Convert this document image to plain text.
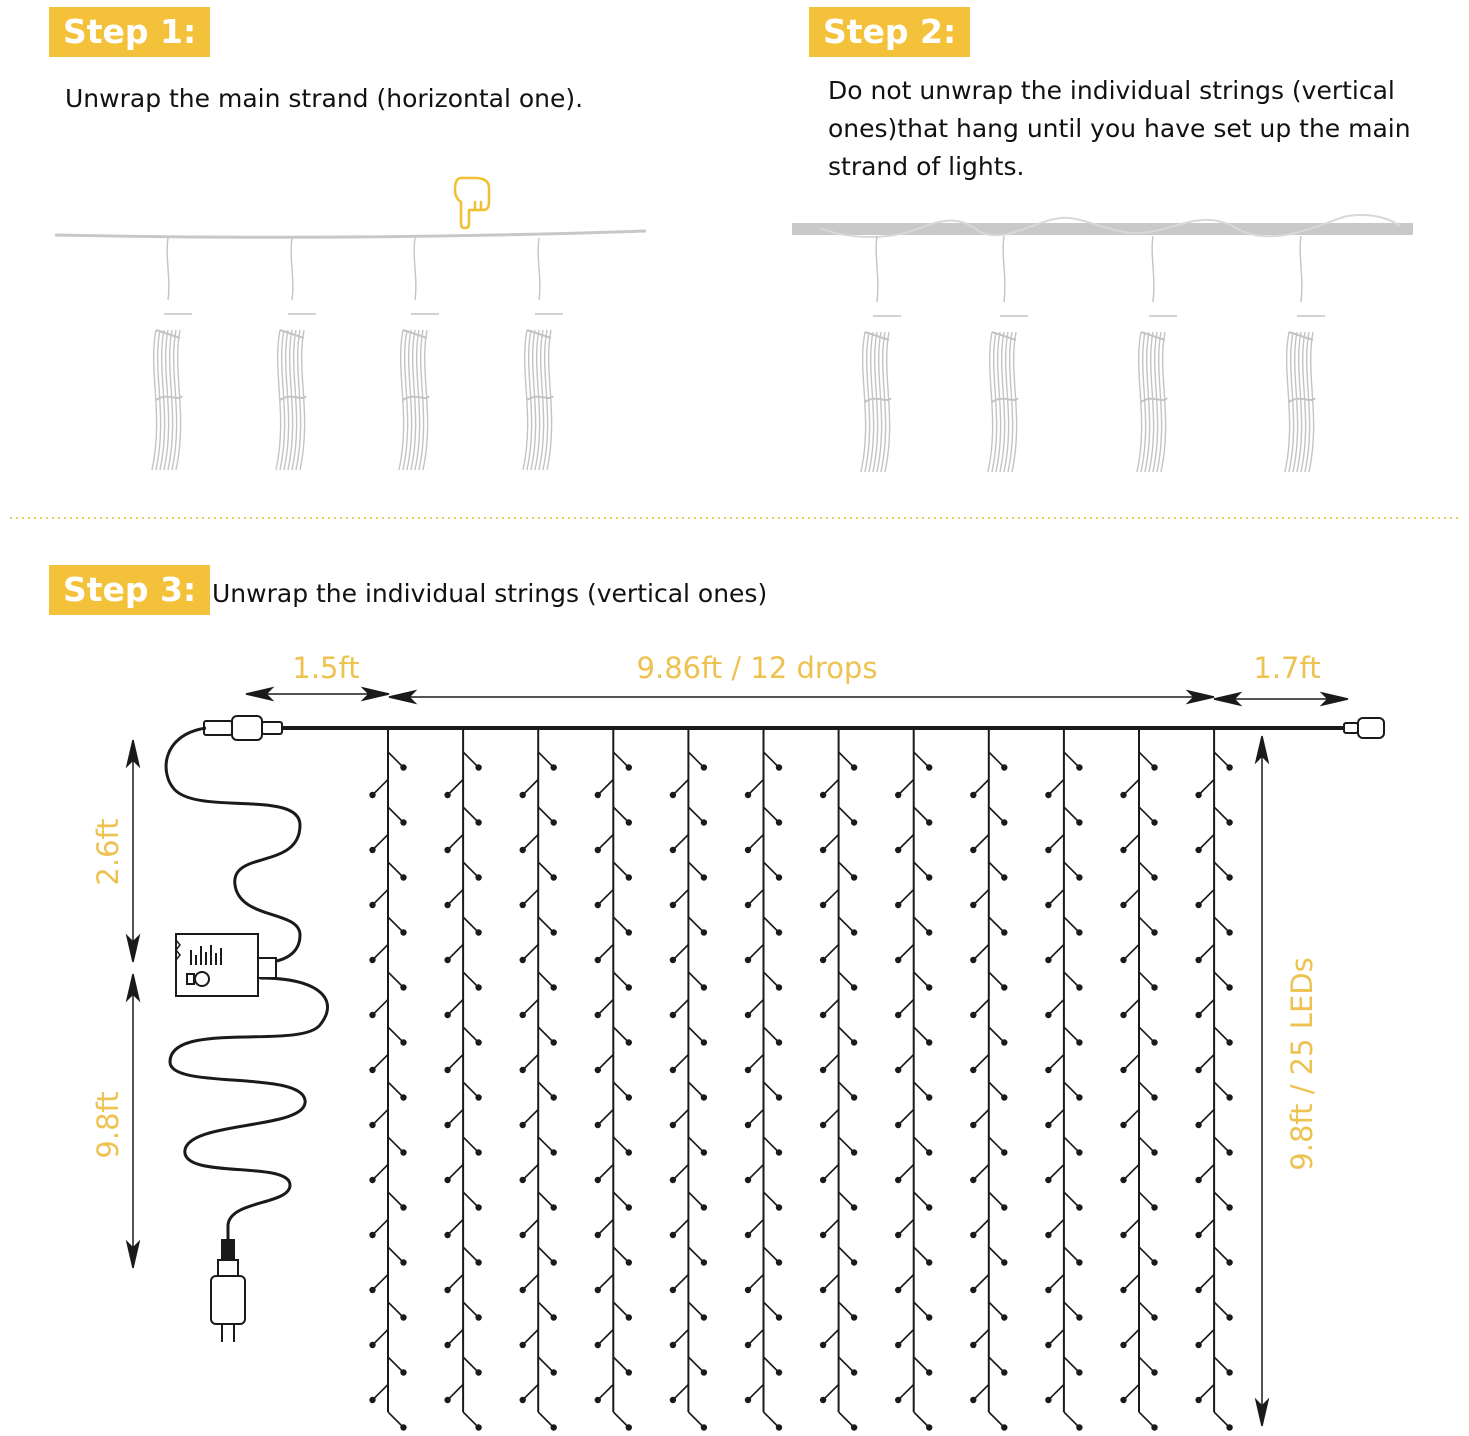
Step 1:
Unwrap the main strand (horizontal one).
Step 2:
Do not unwrap the individual strings (vertical ones)that hang until you have set up the main strand of lights.
Step 3: Unwrap the individual strings (vertical ones)
1.5ft	9.86ft / 12 drops	1.7ft
2.6ft
9.8ft	9.8ft / 25 LEDs
